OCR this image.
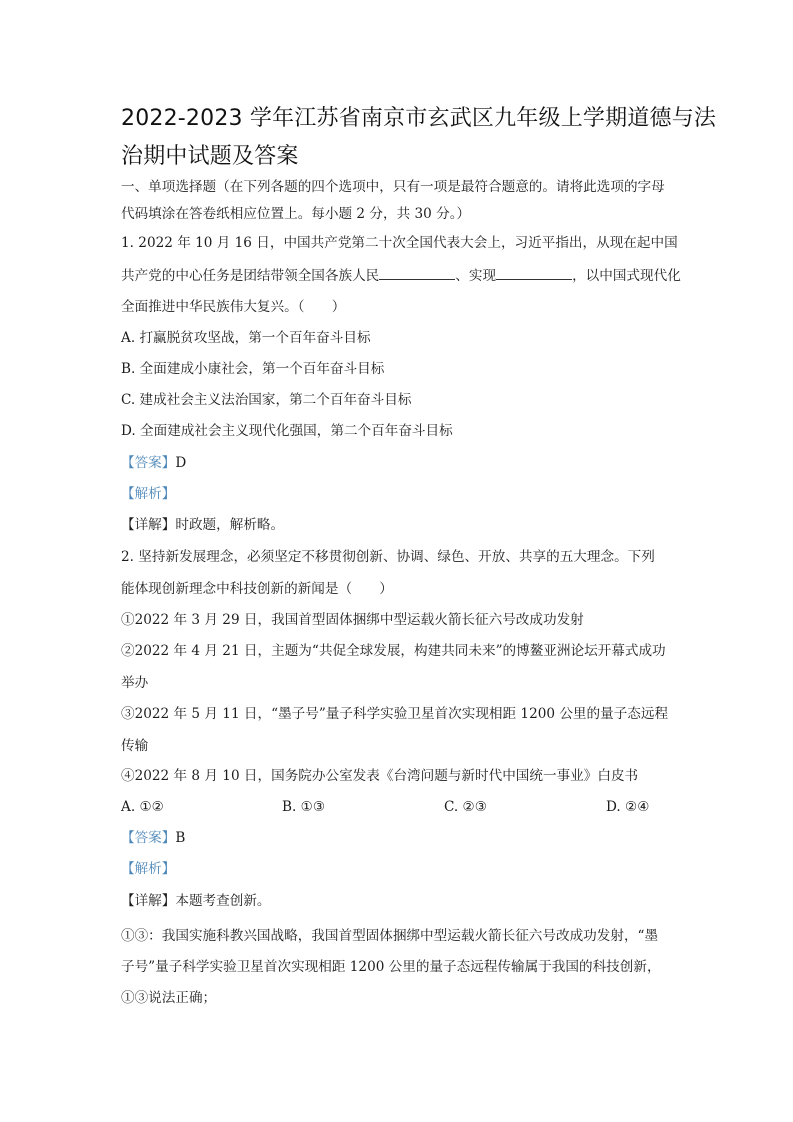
2022-2023 学年江苏省南京市玄武区九年级上学期道德与法
治期中试题及答案
一、单项选择题（在下列各题的四个选项中，只有一项是最符合题意的。请将此选项的字母
代码填涂在答卷纸相应位置上。每小题 2 分，共 30 分。）
1. 2022 年 10 月 16 日，中国共产党第二十次全国代表大会上，习近平指出，从现在起中国
共产党的中心任务是团结带领全国各族人民	、实现	，以中国式现代化
全面推进中华民族伟大复兴。（　　）
A. 打赢脱贫攻坚战，第一个百年奋斗目标
B. 全面建成小康社会，第一个百年奋斗目标
C. 建成社会主义法治国家，第二个百年奋斗目标
D. 全面建成社会主义现代化强国，第二个百年奋斗目标
【答案】D
【解析】
【详解】时政题，解析略。
2. 坚持新发展理念，必须坚定不移贯彻创新、协调、绿色、开放、共享的五大理念。下列
能体现创新理念中科技创新的新闻是（　　）
①2022 年 3 月 29 日，我国首型固体捆绑中型运载火箭长征六号改成功发射
②2022 年 4 月 21 日，主题为“共促全球发展，构建共同未来”的博鳌亚洲论坛开幕式成功
举办
③2022 年 5 月 11 日，“墨子号”量子科学实验卫星首次实现相距 1200 公里的量子态远程
传输
④2022 年 8 月 10 日，国务院办公室发表《台湾问题与新时代中国统一事业》白皮书
A. ①②	B. ①③	C. ②③	D. ②④
【答案】B
【解析】
【详解】本题考查创新。
①③：我国实施科教兴国战略，我国首型固体捆绑中型运载火箭长征六号改成功发射，“墨
子号”量子科学实验卫星首次实现相距 1200 公里的量子态远程传输属于我国的科技创新，
①③说法正确；
